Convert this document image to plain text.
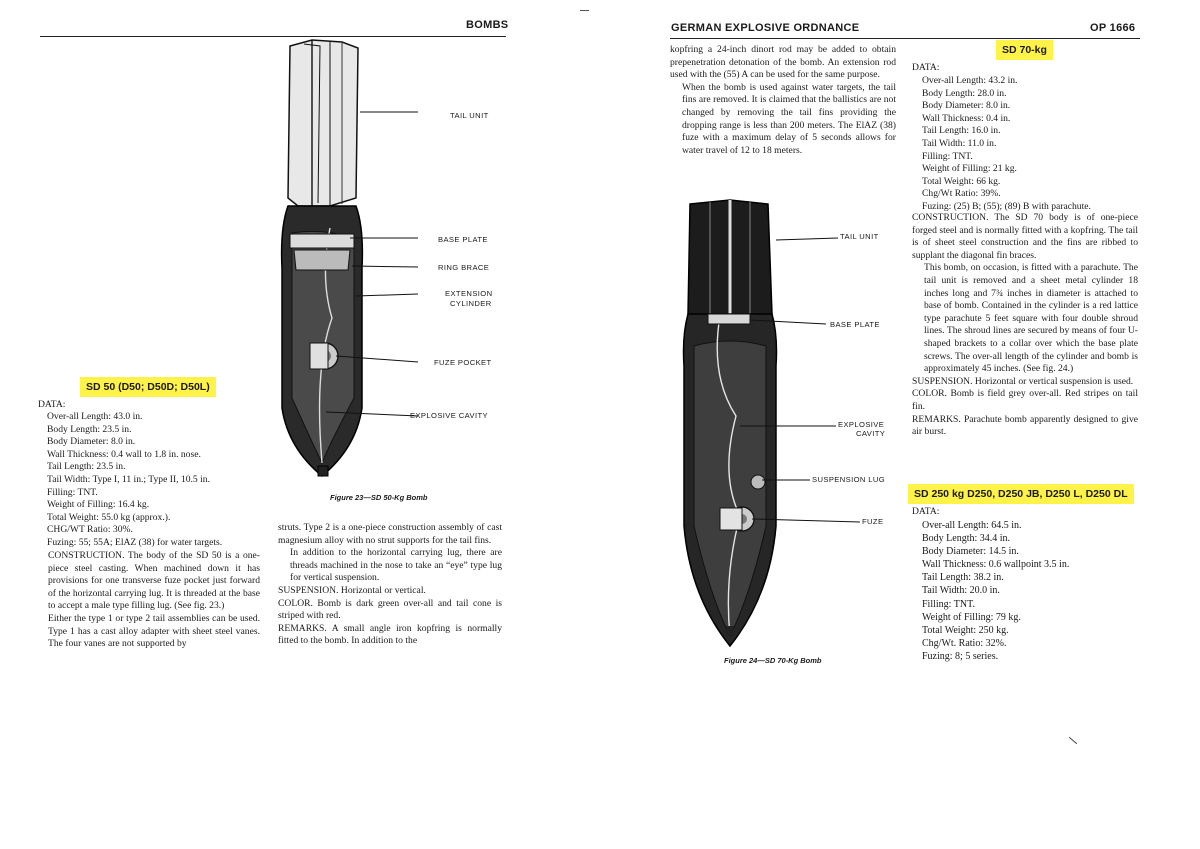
BOMBS
TAIL UNIT
BASE PLATE
RING BRACE
EXTENSION
CYLINDER
FUZE POCKET
EXPLOSIVE CAVITY
Figure 23—SD 50-Kg Bomb
SD 50 (D50; D50D; D50L)
DATA:
Over-all Length: 43.0 in.
Body Length: 23.5 in.
Body Diameter: 8.0 in.
Wall Thickness: 0.4 wall to 1.8 in. nose.
Tail Length: 23.5 in.
Tail Width: Type I, 11 in.; Type II, 10.5 in.
Filling: TNT.
Weight of Filling: 16.4 kg.
Total Weight: 55.0 kg (approx.).
CHG/WT Ratio: 30%.
Fuzing: 55; 55A; ElAZ (38) for water targets.

CONSTRUCTION. The body of the SD 50 is a one-piece steel casting. When machined down it has provisions for one transverse fuze pocket just forward of the horizontal carrying lug. It is threaded at the base to accept a male type filling lug. (See fig. 23.)

Either the type 1 or type 2 tail assemblies can be used. Type 1 has a cast alloy adapter with sheet steel vanes. The four vanes are not supported by

struts. Type 2 is a one-piece construction assembly of cast magnesium alloy with no strut supports for the tail fins.

In addition to the horizontal carrying lug, there are threads machined in the nose to take an “eye” type lug for vertical suspension.

SUSPENSION. Horizontal or vertical.

COLOR. Bomb is dark green over-all and tail cone is striped with red.

REMARKS. A small angle iron kopfring is normally fitted to the bomb. In addition to the

GERMAN EXPLOSIVE ORDNANCE	OP 1666

kopfring a 24-inch dinort rod may be added to obtain prepenetration detonation of the bomb. An extension rod used with the (55) A can be used for the same purpose.

When the bomb is used against water targets, the tail fins are removed. It is claimed that the ballistics are not changed by removing the tail fins providing the dropping range is less than 200 meters. The ElAZ (38) fuze with a maximum delay of 5 seconds allows for water travel of 12 to 18 meters.

TAIL UNIT
BASE PLATE
EXPLOSIVE
CAVITY
SUSPENSION LUG
FUZE
Figure 24—SD 70-Kg Bomb
SD 70-kg
DATA:
Over-all Length: 43.2 in.
Body Length: 28.0 in.
Body Diameter: 8.0 in.
Wall Thickness: 0.4 in.
Tail Length: 16.0 in.
Tail Width: 11.0 in.
Filling: TNT.
Weight of Filling: 21 kg.
Total Weight: 66 kg.
Chg/Wt Ratio: 39%.
Fuzing: (25) B; (55); (89) B with parachute.

CONSTRUCTION. The SD 70 body is of one-piece forged steel and is normally fitted with a kopfring. The tail is of sheet steel construction and the fins are ribbed to supplant the diagonal fin braces.

This bomb, on occasion, is fitted with a parachute. The tail unit is removed and a sheet metal cylinder 18 inches long and 7¾ inches in diameter is attached to base of bomb. Contained in the cylinder is a red lattice type parachute 5 feet square with four double shroud lines. The shroud lines are secured by means of four U-shaped brackets to a collar over which the base plate screws. The over-all length of the cylinder and bomb is approximately 45 inches. (See fig. 24.)

SUSPENSION. Horizontal or vertical suspension is used.

COLOR. Bomb is field grey over-all. Red stripes on tail fin.

REMARKS. Parachute bomb apparently designed to give air burst.

SD 250 kg D250, D250 JB, D250 L, D250 DL
DATA:
Over-all Length: 64.5 in.
Body Length: 34.4 in.
Body Diameter: 14.5 in.
Wall Thickness: 0.6 wallpoint 3.5 in.
Tail Length: 38.2 in.
Tail Width: 20.0 in.
Filling: TNT.
Weight of Filling: 79 kg.
Total Weight: 250 kg.
Chg/Wt. Ratio: 32%.
Fuzing: 8; 5 series.
